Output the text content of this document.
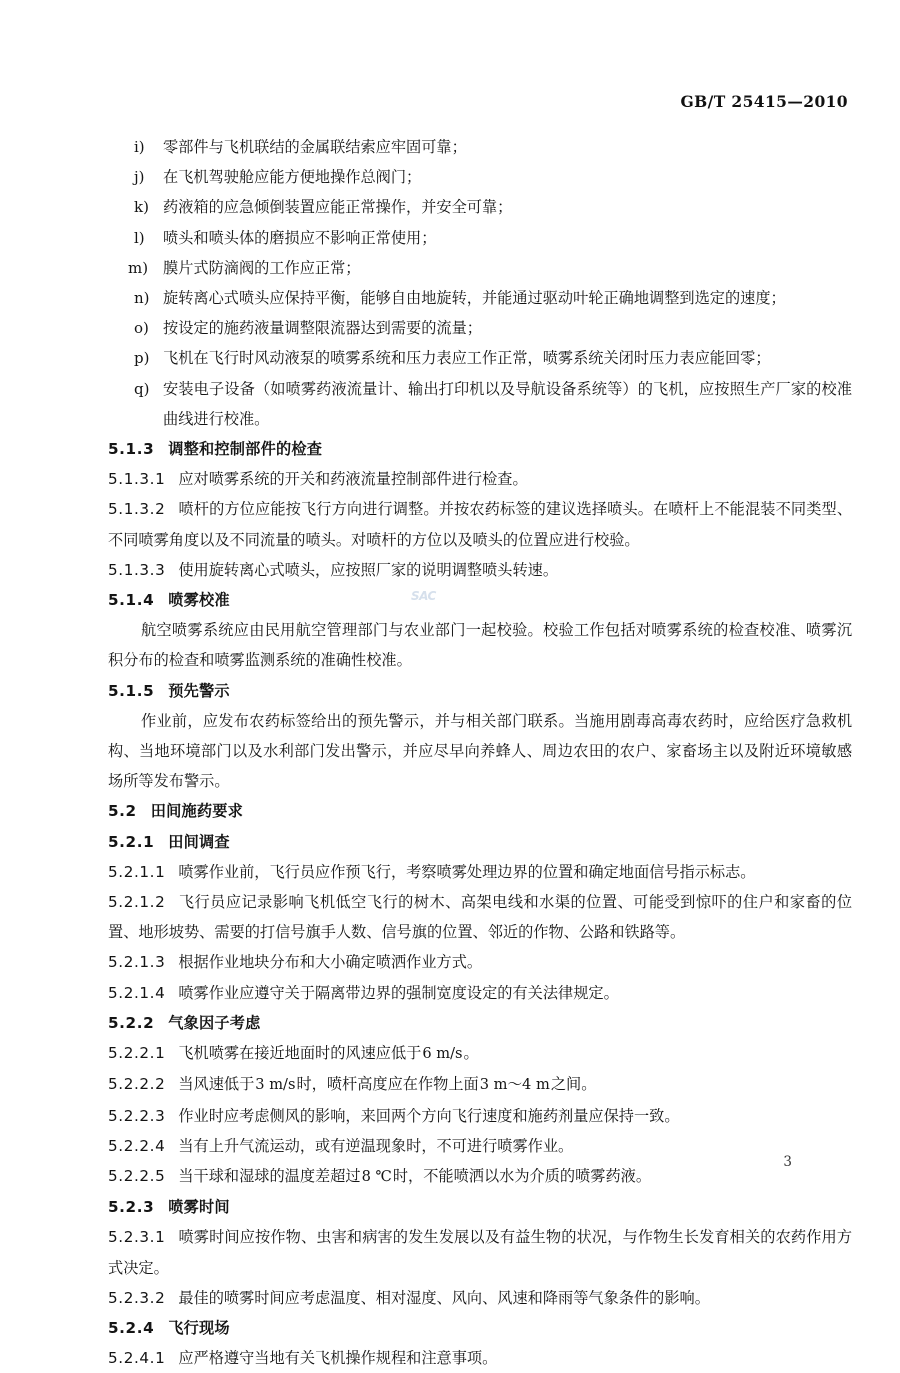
GB/T 25415—2010
i) 零部件与飞机联结的金属联结索应牢固可靠；
j) 在飞机驾驶舱应能方便地操作总阀门；
k) 药液箱的应急倾倒装置应能正常操作，并安全可靠；
l) 喷头和喷头体的磨损应不影响正常使用；
m) 膜片式防滴阀的工作应正常；
n) 旋转离心式喷头应保持平衡，能够自由地旋转，并能通过驱动叶轮正确地调整到选定的速度；
o) 按设定的施药液量调整限流器达到需要的流量；
p) 飞机在飞行时风动液泵的喷雾系统和压力表应工作正常，喷雾系统关闭时压力表应能回零；
q) 安装电子设备（如喷雾药液流量计、输出打印机以及导航设备系统等）的飞机，应按照生产厂家的校准曲线进行校准。

5.1.3 调整和控制部件的检查

5.1.3.1 应对喷雾系统的开关和药液流量控制部件进行检查。

5.1.3.2 喷杆的方位应能按飞行方向进行调整。并按农药标签的建议选择喷头。在喷杆上不能混装不同类型、不同喷雾角度以及不同流量的喷头。对喷杆的方位以及喷头的位置应进行校验。

5.1.3.3 使用旋转离心式喷头，应按照厂家的说明调整喷头转速。

5.1.4 喷雾校准

航空喷雾系统应由民用航空管理部门与农业部门一起校验。校验工作包括对喷雾系统的检查校准、喷雾沉积分布的检查和喷雾监测系统的准确性校准。

5.1.5 预先警示

作业前，应发布农药标签给出的预先警示，并与相关部门联系。当施用剧毒高毒农药时，应给医疗急救机构、当地环境部门以及水利部门发出警示，并应尽早向养蜂人、周边农田的农户、家畜场主以及附近环境敏感场所等发布警示。

5.2 田间施药要求

5.2.1 田间调查

5.2.1.1 喷雾作业前，飞行员应作预飞行，考察喷雾处理边界的位置和确定地面信号指示标志。

5.2.1.2 飞行员应记录影响飞机低空飞行的树木、高架电线和水渠的位置、可能受到惊吓的住户和家畜的位置、地形坡势、需要的打信号旗手人数、信号旗的位置、邻近的作物、公路和铁路等。

5.2.1.3 根据作业地块分布和大小确定喷洒作业方式。

5.2.1.4 喷雾作业应遵守关于隔离带边界的强制宽度设定的有关法律规定。

5.2.2 气象因子考虑

5.2.2.1 飞机喷雾在接近地面时的风速应低于6 m/s。

5.2.2.2 当风速低于3 m/s时，喷杆高度应在作物上面3 m～4 m之间。

5.2.2.3 作业时应考虑侧风的影响，来回两个方向飞行速度和施药剂量应保持一致。

5.2.2.4 当有上升气流运动，或有逆温现象时，不可进行喷雾作业。

5.2.2.5 当干球和湿球的温度差超过8 ℃时，不能喷洒以水为介质的喷雾药液。

5.2.3 喷雾时间

5.2.3.1 喷雾时间应按作物、虫害和病害的发生发展以及有益生物的状况，与作物生长发育相关的农药作用方式决定。

5.2.3.2 最佳的喷雾时间应考虑温度、相对湿度、风向、风速和降雨等气象条件的影响。

5.2.4 飞行现场

5.2.4.1 应严格遵守当地有关飞机操作规程和注意事项。

SAC
3
